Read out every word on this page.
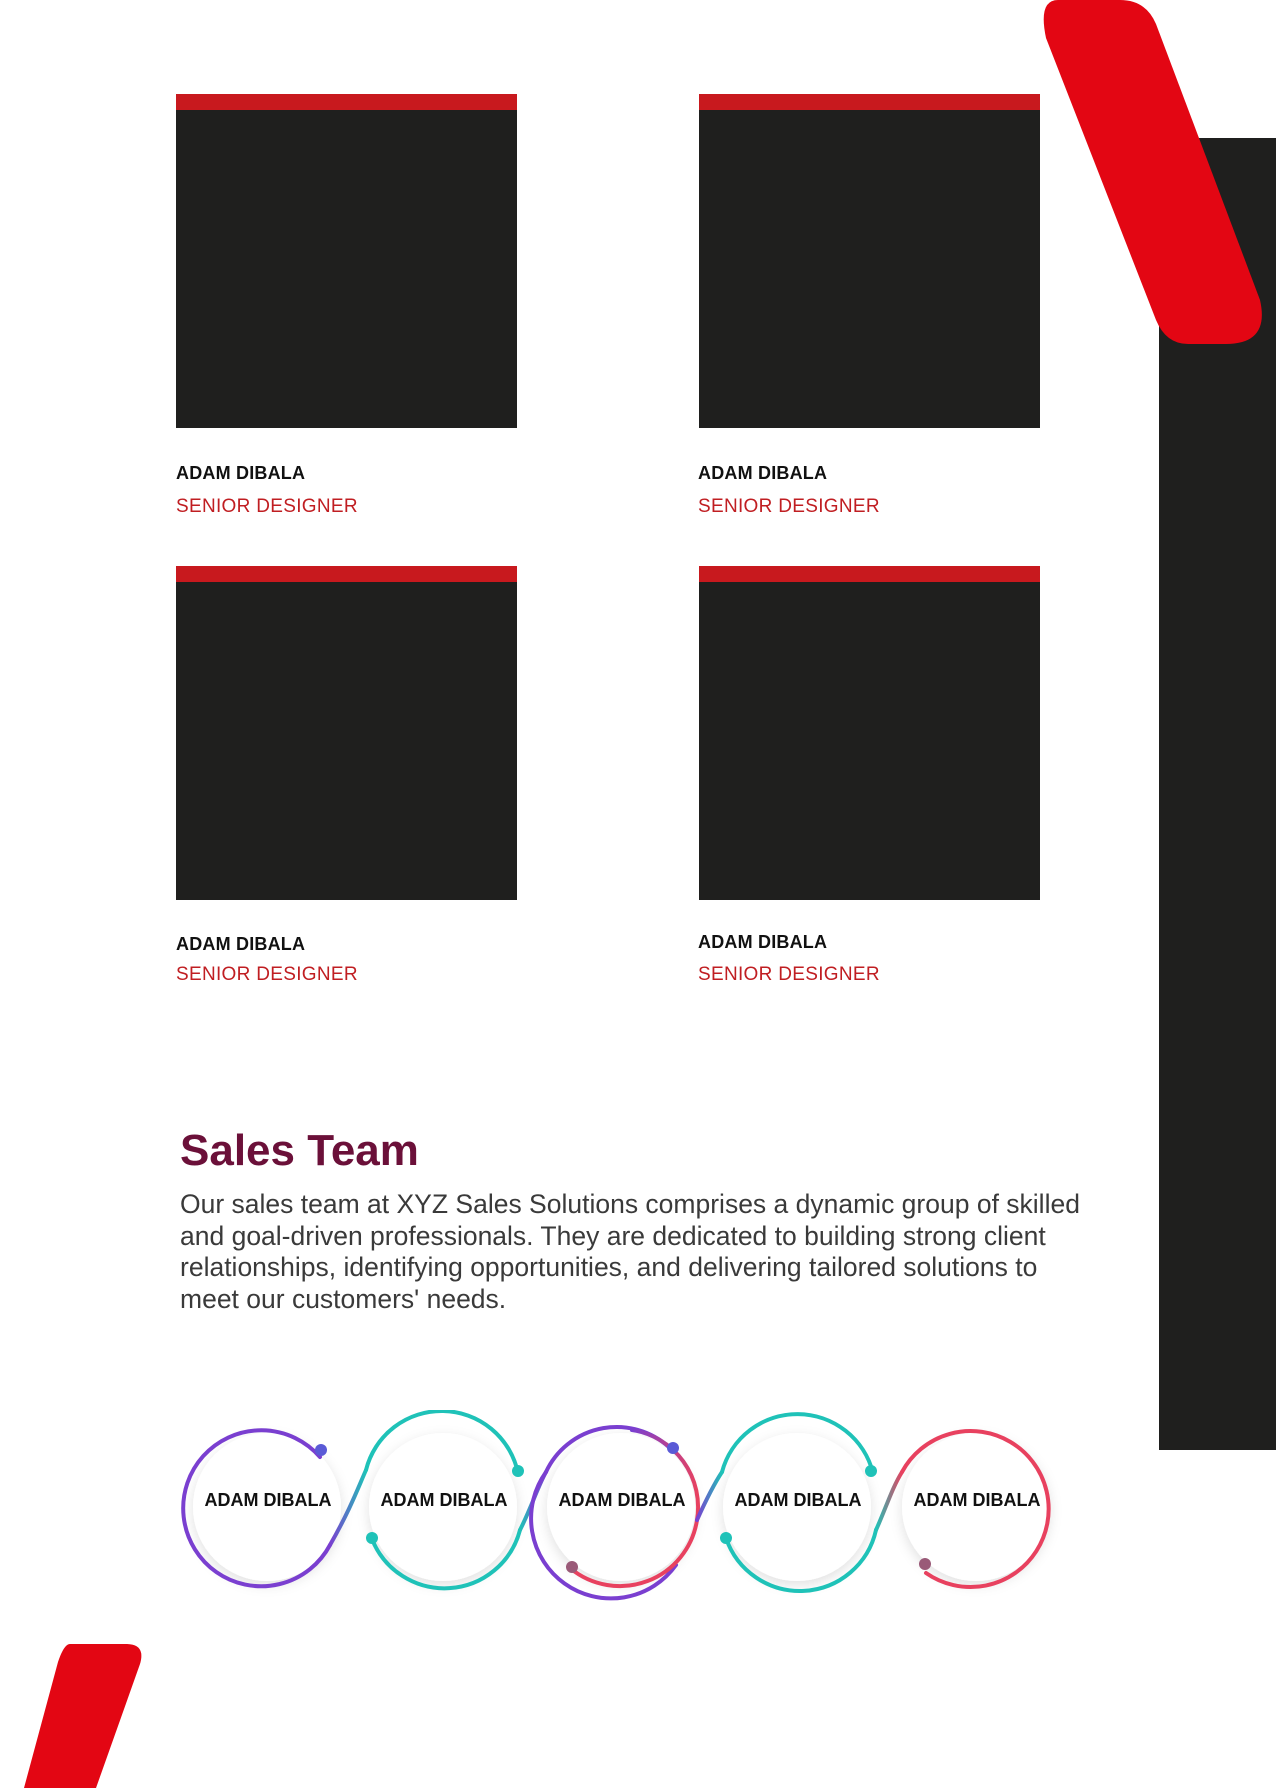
ADAM DIBALA
SENIOR DESIGNER
ADAM DIBALA
SENIOR DESIGNER
ADAM DIBALA
SENIOR DESIGNER
ADAM DIBALA
SENIOR DESIGNER
Sales Team
Our sales team at XYZ Sales Solutions comprises a dynamic group of skilled and goal-driven professionals. They are dedicated to building strong client relationships, identifying opportunities, and delivering tailored solutions to meet our customers' needs.
ADAM DIBALA	ADAM DIBALA	ADAM DIBALA	ADAM DIBALA	ADAM DIBALA
